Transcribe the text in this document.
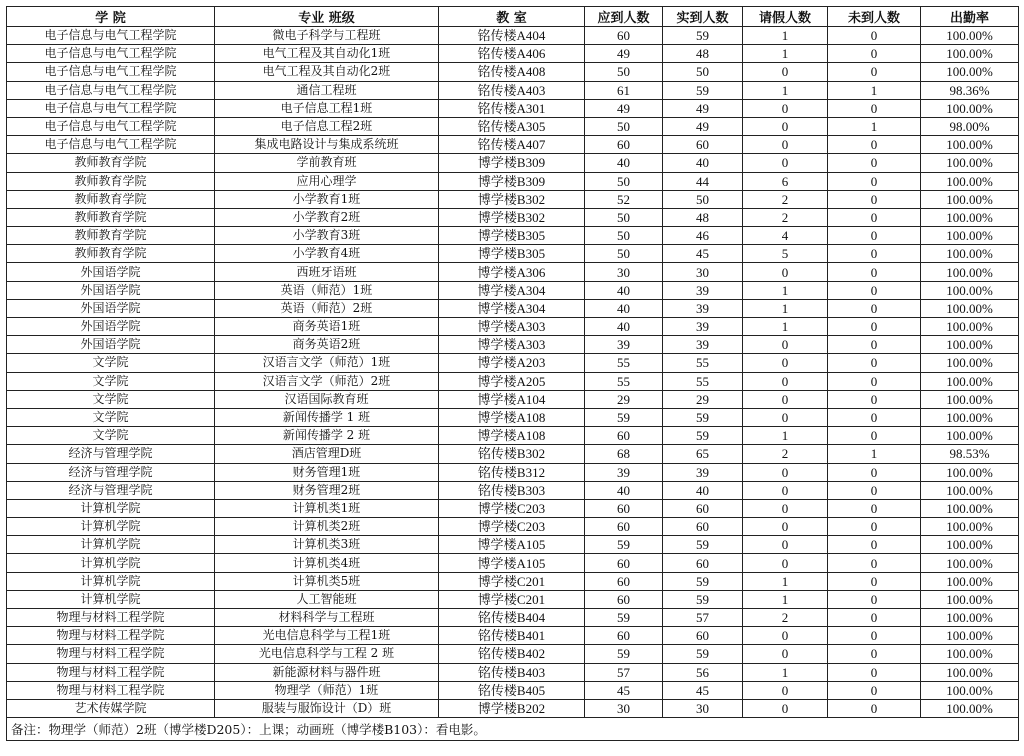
学 院	专业 班级	教 室	应到人数	实到人数	请假人数	未到人数	出勤率
电子信息与电气工程学院	微电子科学与工程班	铭传楼A404	60	59	1	0	100.00%
电子信息与电气工程学院	电气工程及其自动化1班	铭传楼A406	49	48	1	0	100.00%
电子信息与电气工程学院	电气工程及其自动化2班	铭传楼A408	50	50	0	0	100.00%
电子信息与电气工程学院	通信工程班	铭传楼A403	61	59	1	1	98.36%
电子信息与电气工程学院	电子信息工程1班	铭传楼A301	49	49	0	0	100.00%
电子信息与电气工程学院	电子信息工程2班	铭传楼A305	50	49	0	1	98.00%
电子信息与电气工程学院	集成电路设计与集成系统班	铭传楼A407	60	60	0	0	100.00%
教师教育学院	学前教育班	博学楼B309	40	40	0	0	100.00%
教师教育学院	应用心理学	博学楼B309	50	44	6	0	100.00%
教师教育学院	小学教育1班	博学楼B302	52	50	2	0	100.00%
教师教育学院	小学教育2班	博学楼B302	50	48	2	0	100.00%
教师教育学院	小学教育3班	博学楼B305	50	46	4	0	100.00%
教师教育学院	小学教育4班	博学楼B305	50	45	5	0	100.00%
外国语学院	西班牙语班	博学楼A306	30	30	0	0	100.00%
外国语学院	英语（师范）1班	博学楼A304	40	39	1	0	100.00%
外国语学院	英语（师范）2班	博学楼A304	40	39	1	0	100.00%
外国语学院	商务英语1班	博学楼A303	40	39	1	0	100.00%
外国语学院	商务英语2班	博学楼A303	39	39	0	0	100.00%
文学院	汉语言文学（师范）1班	博学楼A203	55	55	0	0	100.00%
文学院	汉语言文学（师范）2班	博学楼A205	55	55	0	0	100.00%
文学院	汉语国际教育班	博学楼A104	29	29	0	0	100.00%
文学院	新闻传播学 1 班	博学楼A108	59	59	0	0	100.00%
文学院	新闻传播学 2 班	博学楼A108	60	59	1	0	100.00%
经济与管理学院	酒店管理D班	铭传楼B302	68	65	2	1	98.53%
经济与管理学院	财务管理1班	铭传楼B312	39	39	0	0	100.00%
经济与管理学院	财务管理2班	铭传楼B303	40	40	0	0	100.00%
计算机学院	计算机类1班	博学楼C203	60	60	0	0	100.00%
计算机学院	计算机类2班	博学楼C203	60	60	0	0	100.00%
计算机学院	计算机类3班	博学楼A105	59	59	0	0	100.00%
计算机学院	计算机类4班	博学楼A105	60	60	0	0	100.00%
计算机学院	计算机类5班	博学楼C201	60	59	1	0	100.00%
计算机学院	人工智能班	博学楼C201	60	59	1	0	100.00%
物理与材料工程学院	材料科学与工程班	铭传楼B404	59	57	2	0	100.00%
物理与材料工程学院	光电信息科学与工程1班	铭传楼B401	60	60	0	0	100.00%
物理与材料工程学院	光电信息科学与工程 2 班	铭传楼B402	59	59	0	0	100.00%
物理与材料工程学院	新能源材料与器件班	铭传楼B403	57	56	1	0	100.00%
物理与材料工程学院	物理学（师范）1班	铭传楼B405	45	45	0	0	100.00%
艺术传媒学院	服装与服饰设计（D）班	博学楼B202	30	30	0	0	100.00%
备注：物理学（师范）2班（博学楼D205）：上课；动画班（博学楼B103）：看电影。							
